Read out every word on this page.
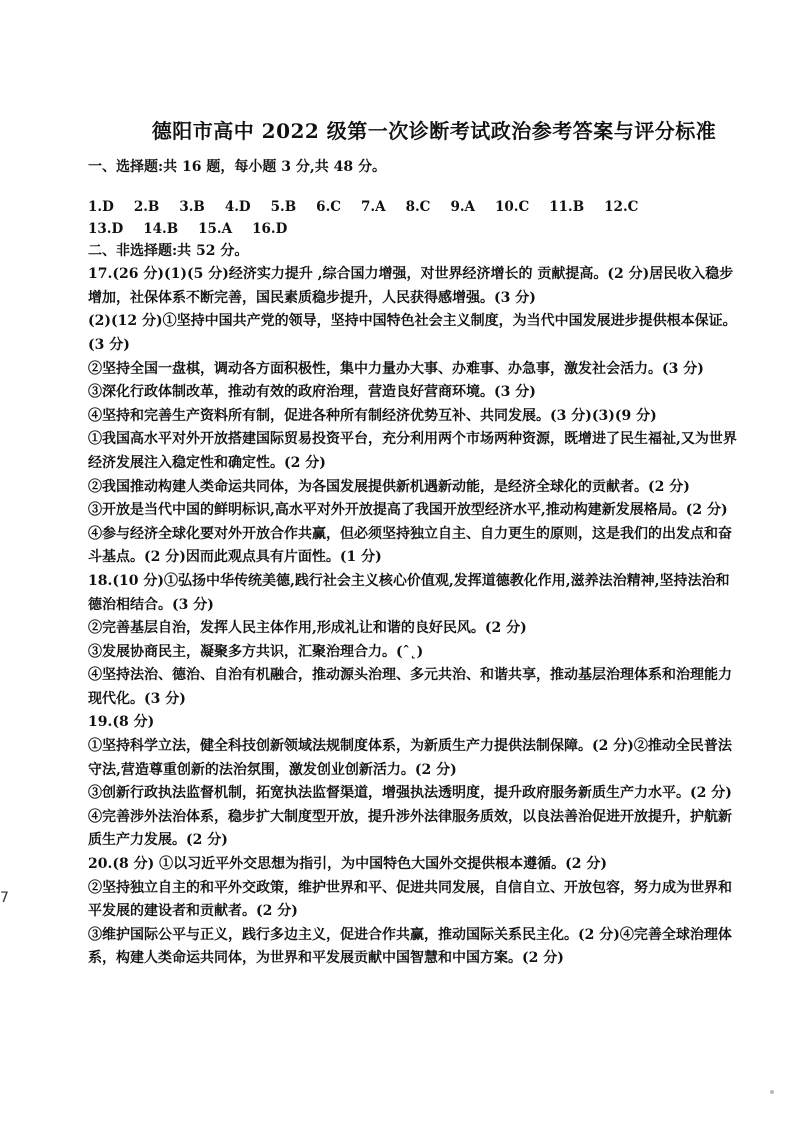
德阳市高中 2022 级第一次诊断考试政治参考答案与评分标准
一、选择题:共 16 题，每小题 3 分,共 48 分。
1.D 2.B 3.B 4.D 5.B 6.C 7.A 8.C 9.A 10.C 11.B 12.C
13.D 14.B 15.A 16.D
二、非选择题:共 52 分。
17.(26 分)(1)(5 分)经济实力提升 ,综合国力增强，对世界经济增长的 贡献提高。(2 分)居民收入稳步增加，社保体系不断完善，国民素质稳步提升，人民获得感增强。(3 分)
(2)(12 分)①坚持中国共产党的领导，坚持中国特色社会主义制度，为当代中国发展进步提供根本保证。(3 分)
②坚持全国一盘棋，调动各方面积极性，集中力量办大事、办难事、办急事，激发社会活力。(3 分)
③深化行政体制改革，推动有效的政府治理，营造良好营商环境。(3 分)
④坚持和完善生产资料所有制，促进各种所有制经济优势互补、共同发展。(3 分)(3)(9 分)
①我国高水平对外开放搭建国际贸易投资平台，充分利用两个市场两种资源，既增进了民生福祉,又为世界经济发展注入稳定性和确定性。(2 分)
②我国推动构建人类命运共同体，为各国发展提供新机遇新动能，是经济全球化的贡献者。(2 分)
③开放是当代中国的鲜明标识,高水平对外开放提高了我国开放型经济水平,推动构建新发展格局。(2 分)
④参与经济全球化要对外开放合作共赢，但必须坚持独立自主、自力更生的原则，这是我们的出发点和奋斗基点。(2 分)因而此观点具有片面性。(1 分)
18.(10 分)①弘扬中华传统美德,践行社会主义核心价值观,发挥道德教化作用,滋养法治精神,坚持法治和德治相结合。(3 分)
②完善基层自治，发挥人民主体作用,形成礼让和谐的良好民风。(2 分)
③发展协商民主，凝聚多方共识，汇聚治理合力。(ˆ˛)
④坚持法治、德治、自治有机融合，推动源头治理、多元共治、和谐共享，推动基层治理体系和治理能力现代化。(3 分)
19.(8 分)
①坚持科学立法，健全科技创新领域法规制度体系，为新质生产力提供法制保障。(2 分)②推动全民普法守法,营造尊重创新的法治氛围，激发创业创新活力。(2 分)
③创新行政执法监督机制，拓宽执法监督渠道，增强执法透明度，提升政府服务新质生产力水平。(2 分)
④完善涉外法治体系，稳步扩大制度型开放，提升涉外法律服务质效，以良法善治促进开放提升，护航新质生产力发展。(2 分)
20.(8 分) ①以习近平外交思想为指引，为中国特色大国外交提供根本遵循。(2 分)
②坚持独立自主的和平外交政策，维护世界和平、促进共同发展，自信自立、开放包容，努力成为世界和平发展的建设者和贡献者。(2 分)
③维护国际公平与正义，践行多边主义，促进合作共赢，推动国际关系民主化。(2 分)④完善全球治理体系，构建人类命运共同体，为世界和平发展贡献中国智慧和中国方案。(2 分)
7
